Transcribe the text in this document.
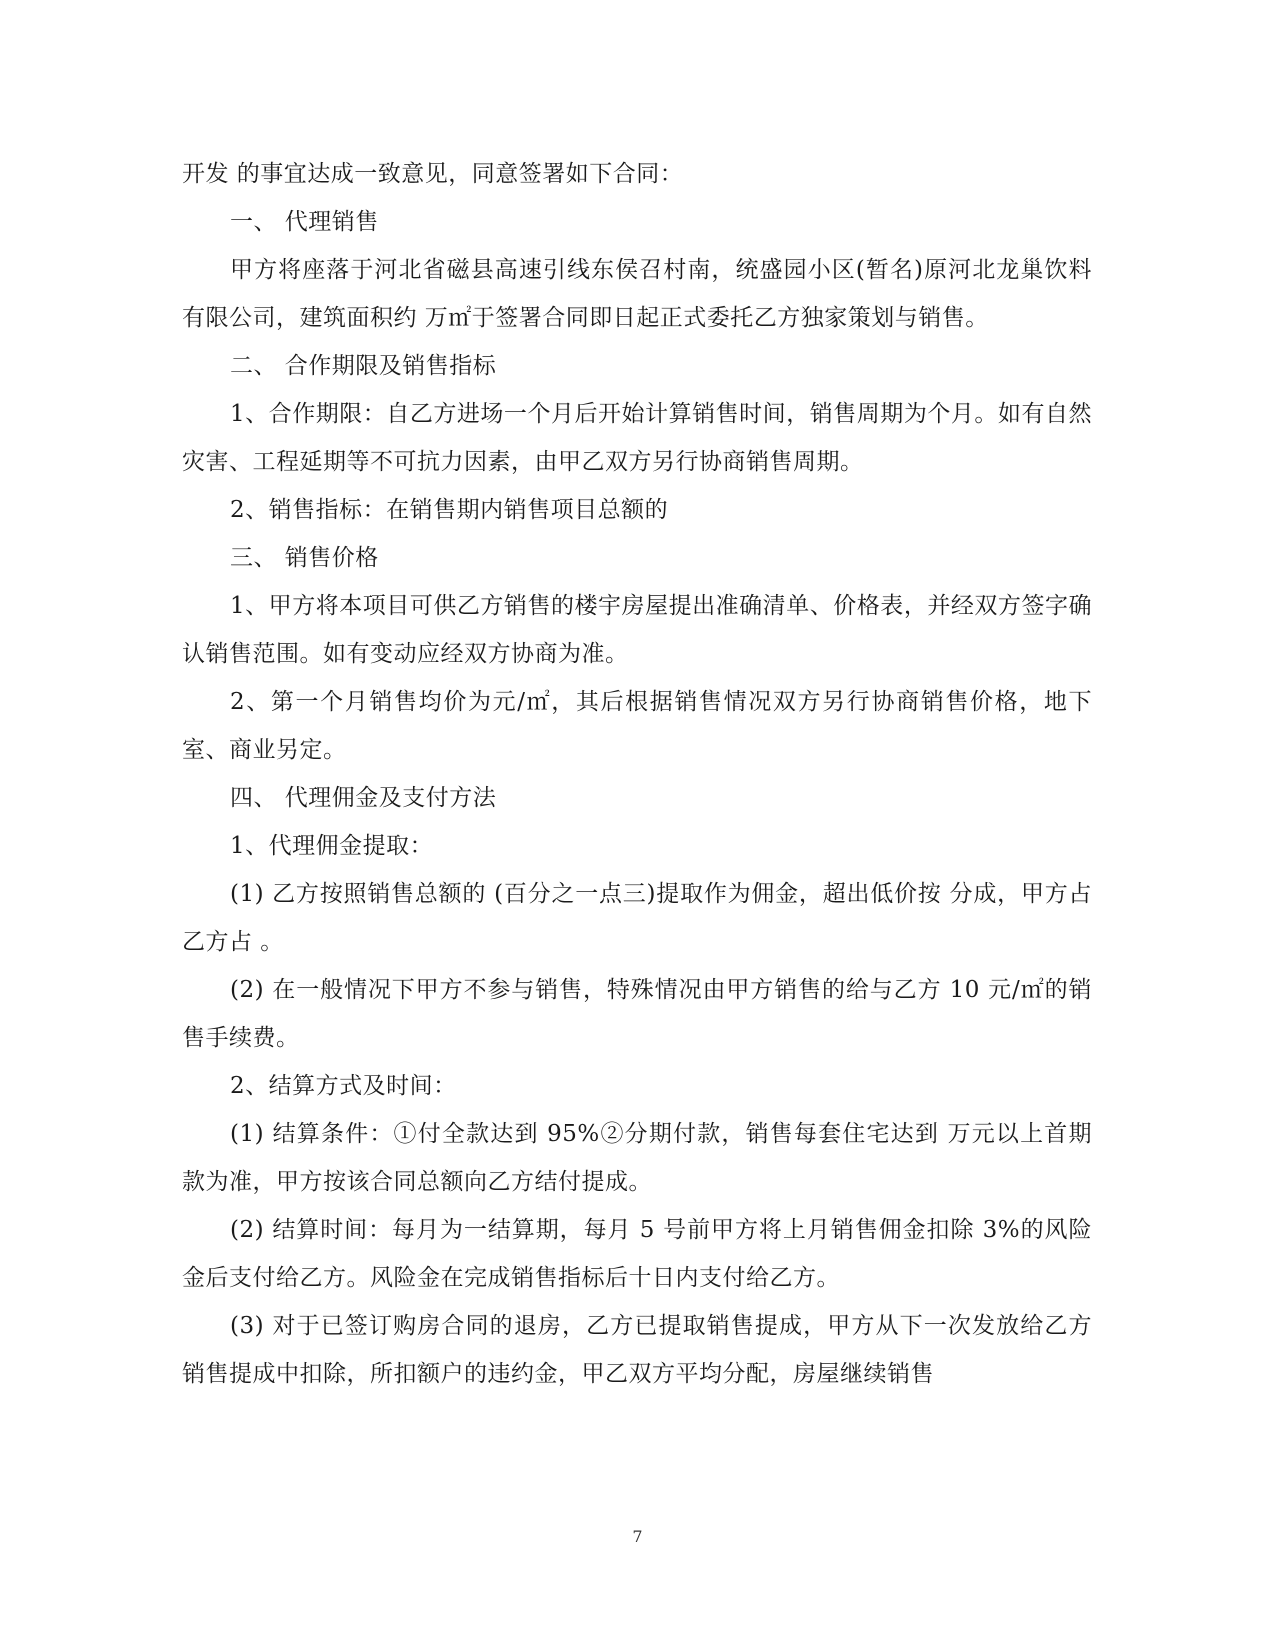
开发 的事宜达成一致意见，同意签署如下合同：

一、 代理销售

甲方将座落于河北省磁县高速引线东侯召村南，统盛园小区(暂名)原河北龙巢饮料有限公司，建筑面积约 万㎡于签署合同即日起正式委托乙方独家策划与销售。

二、 合作期限及销售指标

1、合作期限：自乙方进场一个月后开始计算销售时间，销售周期为个月。如有自然灾害、工程延期等不可抗力因素，由甲乙双方另行协商销售周期。

2、销售指标：在销售期内销售项目总额的

三、 销售价格

1、甲方将本项目可供乙方销售的楼宇房屋提出准确清单、价格表，并经双方签字确认销售范围。如有变动应经双方协商为准。

2、第一个月销售均价为元/㎡，其后根据销售情况双方另行协商销售价格，地下室、商业另定。

四、 代理佣金及支付方法

1、代理佣金提取：

(1) 乙方按照销售总额的 (百分之一点三)提取作为佣金，超出低价按 分成，甲方占 乙方占 。

(2) 在一般情况下甲方不参与销售，特殊情况由甲方销售的给与乙方 10 元/㎡的销售手续费。

2、结算方式及时间：

(1) 结算条件：①付全款达到 95%②分期付款，销售每套住宅达到 万元以上首期款为准，甲方按该合同总额向乙方结付提成。

(2) 结算时间：每月为一结算期，每月 5 号前甲方将上月销售佣金扣除 3%的风险金后支付给乙方。风险金在完成销售指标后十日内支付给乙方。

(3) 对于已签订购房合同的退房，乙方已提取销售提成，甲方从下一次发放给乙方销售提成中扣除，所扣额户的违约金，甲乙双方平均分配，房屋继续销售

7
